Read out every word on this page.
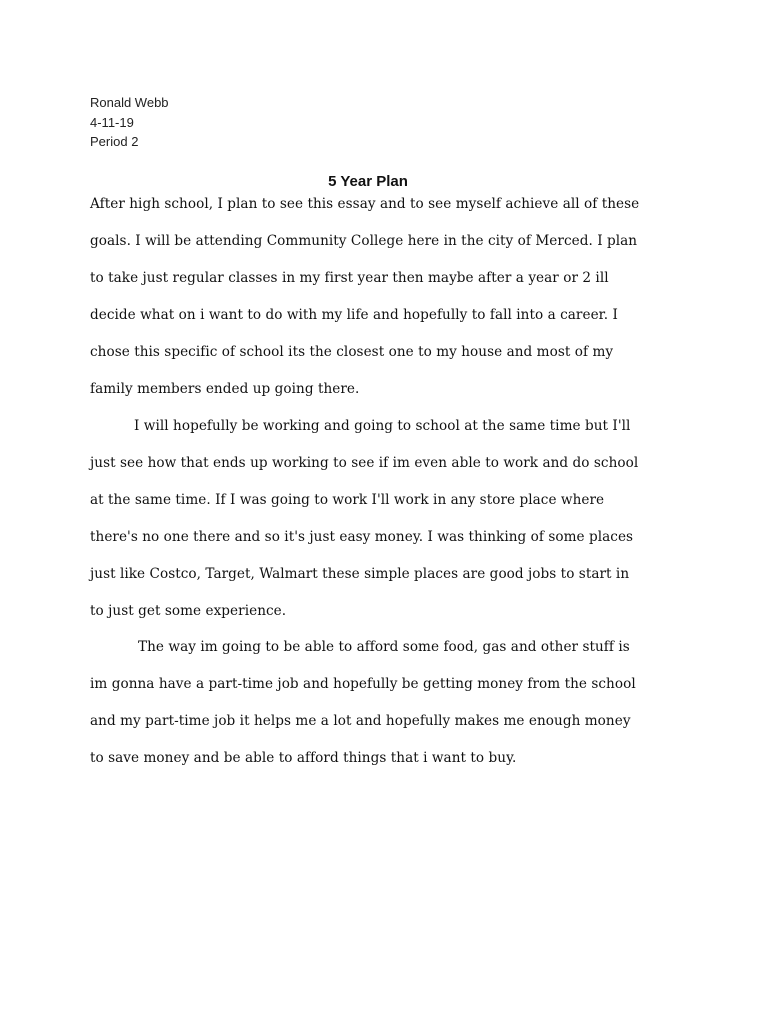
Ronald Webb
4-11-19
Period 2
5 Year Plan
After high school, I plan to see this essay and to see myself achieve all of these
goals. I will be attending Community College here in the city of Merced. I plan
to take just regular classes in my first year then maybe after a year or 2 ill
decide what on i want to do with my life and hopefully to fall into a career. I
chose this specific of school its the closest one to my house and most of my
family members ended up going there.
I will hopefully be working and going to school at the same time but I'll
just see how that ends up working to see if im even able to work and do school
at the same time. If I was going to work I'll work in any store place where
there's no one there and so it's just easy money. I was thinking of some places
just like Costco, Target, Walmart these simple places are good jobs to start in
to just get some experience.
The way im going to be able to afford some food, gas and other stuff is
im gonna have a part-time job and hopefully be getting money from the school
and my part-time job it helps me a lot and hopefully makes me enough money
to save money and be able to afford things that i want to buy.
